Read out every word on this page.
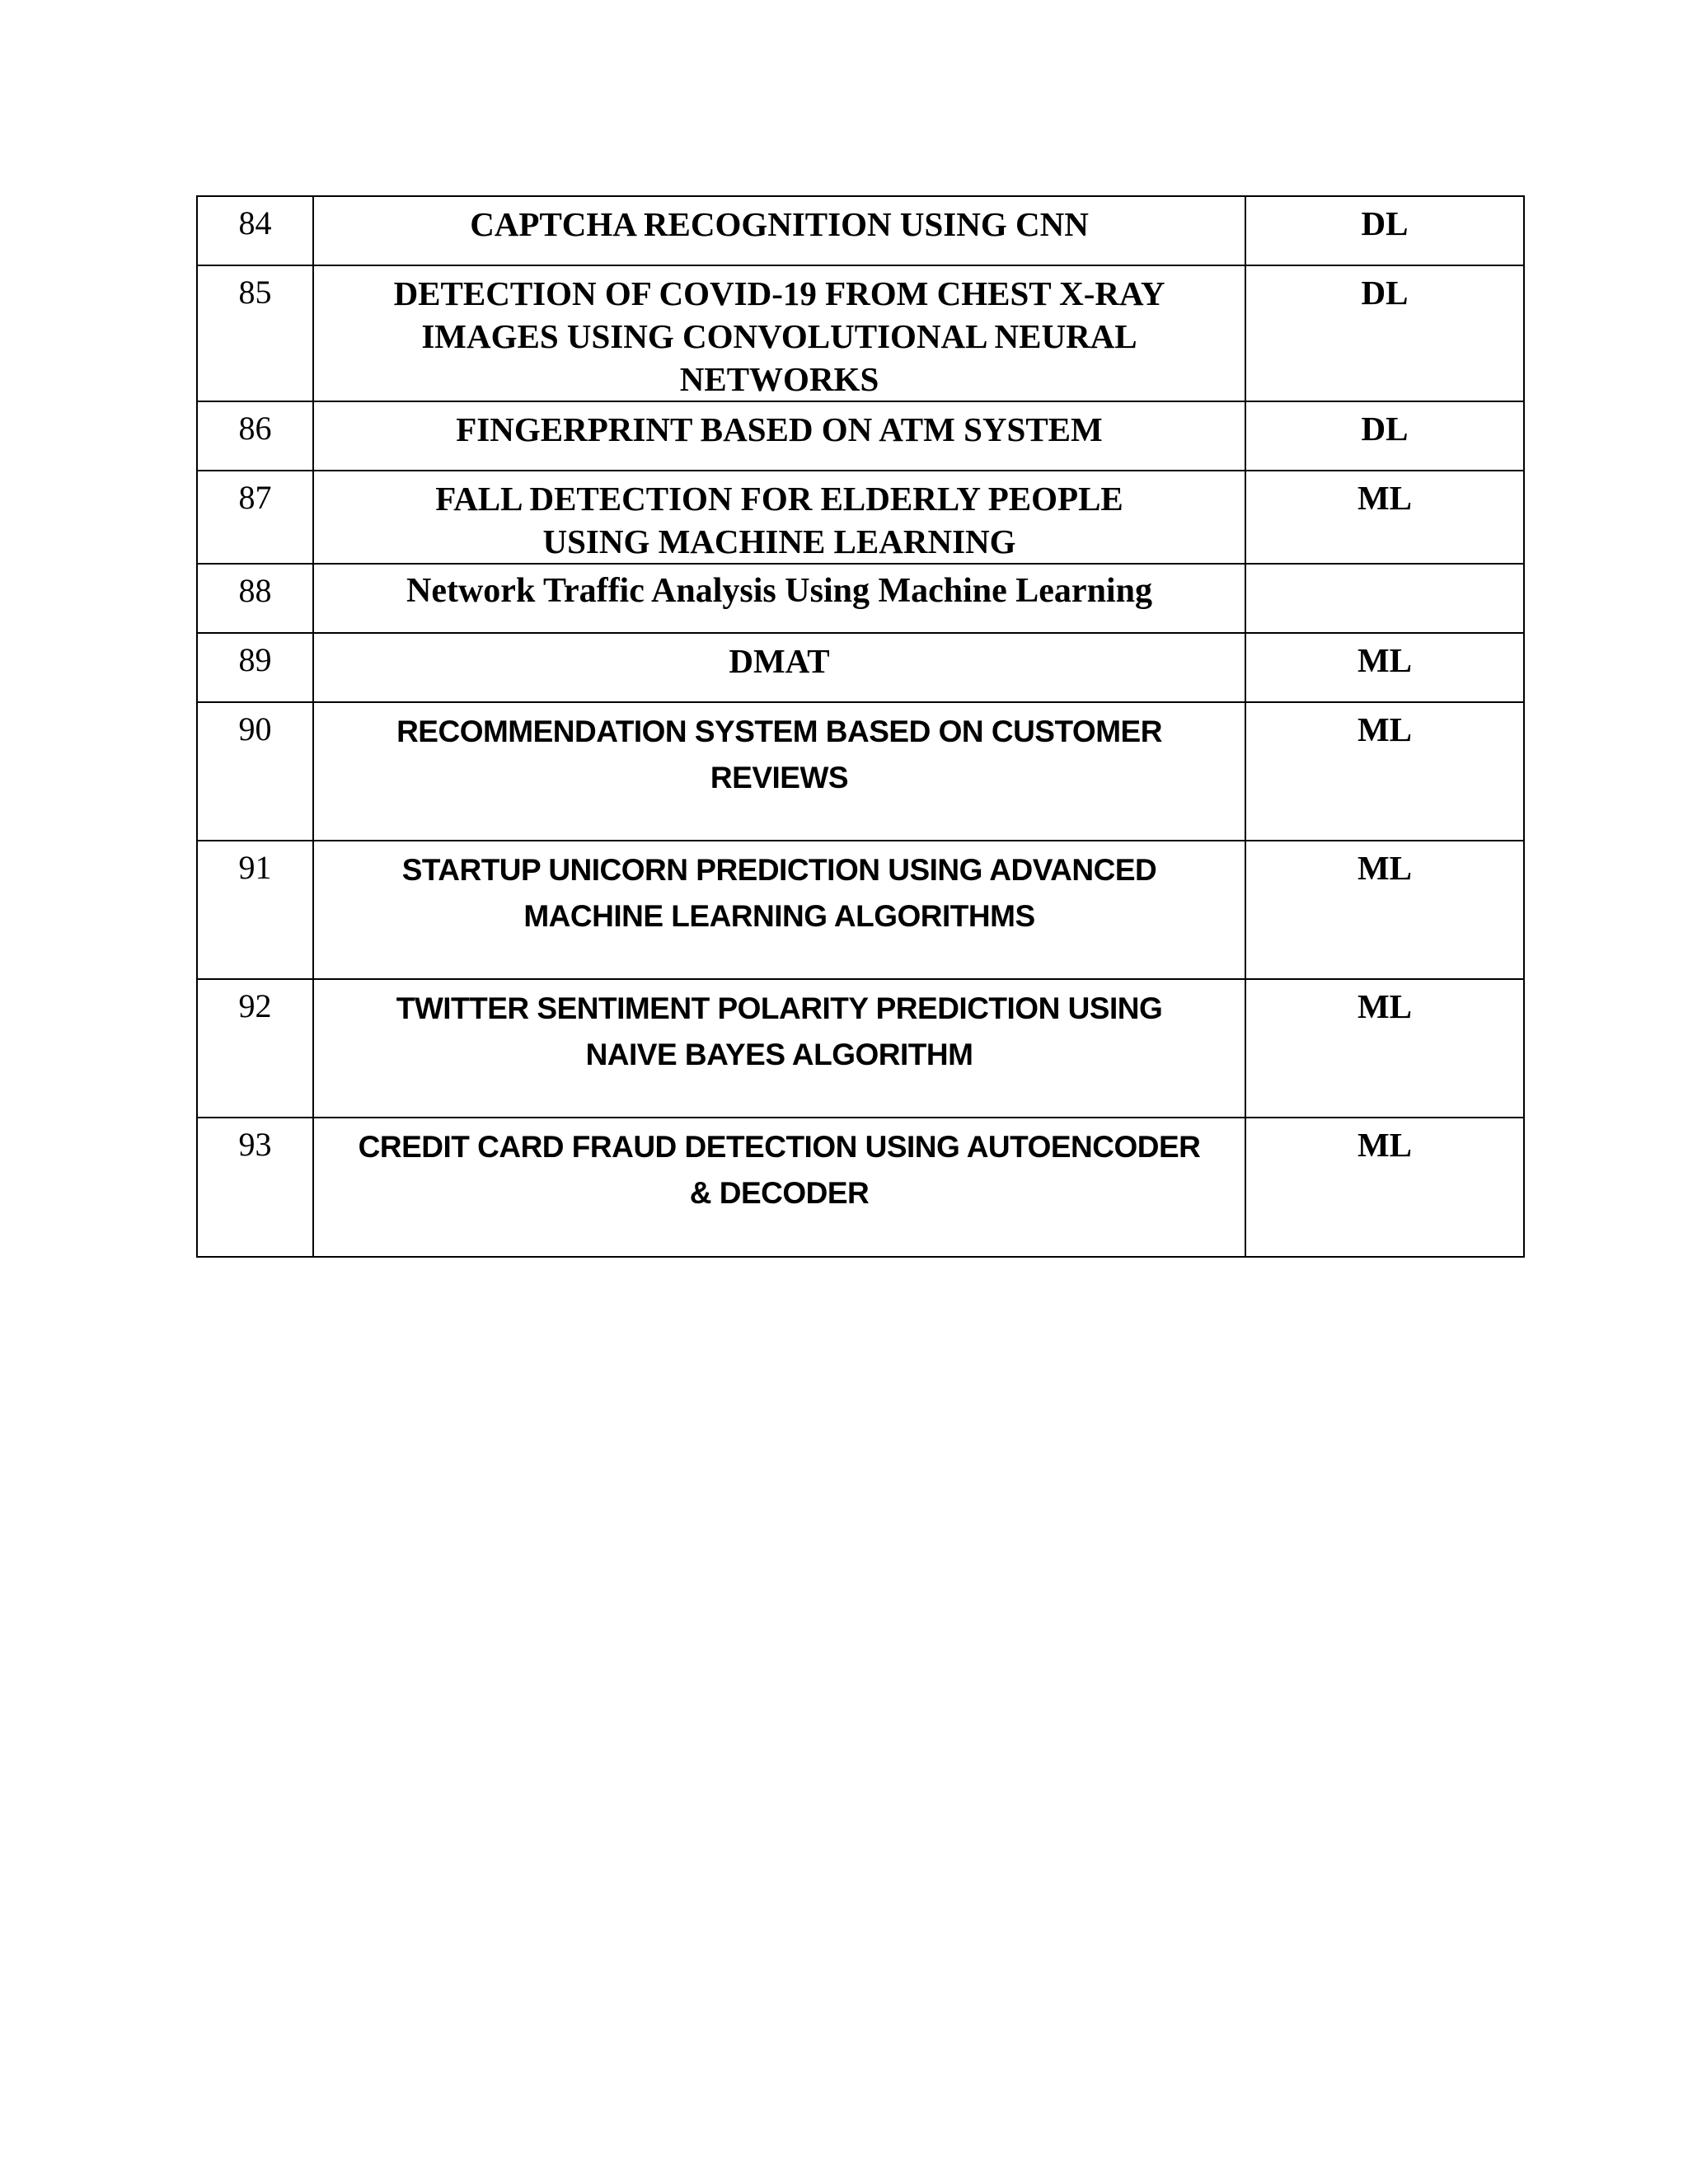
84	CAPTCHA RECOGNITION USING CNN	DL
85	DETECTION OF COVID-19 FROM CHEST X-RAY
IMAGES USING CONVOLUTIONAL NEURAL
NETWORKS	DL
86	FINGERPRINT BASED ON ATM SYSTEM	DL
87	FALL DETECTION FOR ELDERLY PEOPLE
USING MACHINE LEARNING	ML
88	Network Traffic Analysis Using Machine Learning	

89	DMAT	ML
90	RECOMMENDATION SYSTEM BASED ON CUSTOMER
REVIEWS	ML
91	STARTUP UNICORN PREDICTION USING ADVANCED
MACHINE LEARNING ALGORITHMS	ML
92	TWITTER SENTIMENT POLARITY PREDICTION USING
NAIVE BAYES ALGORITHM	ML
93	CREDIT CARD FRAUD DETECTION USING AUTOENCODER
& DECODER	ML
